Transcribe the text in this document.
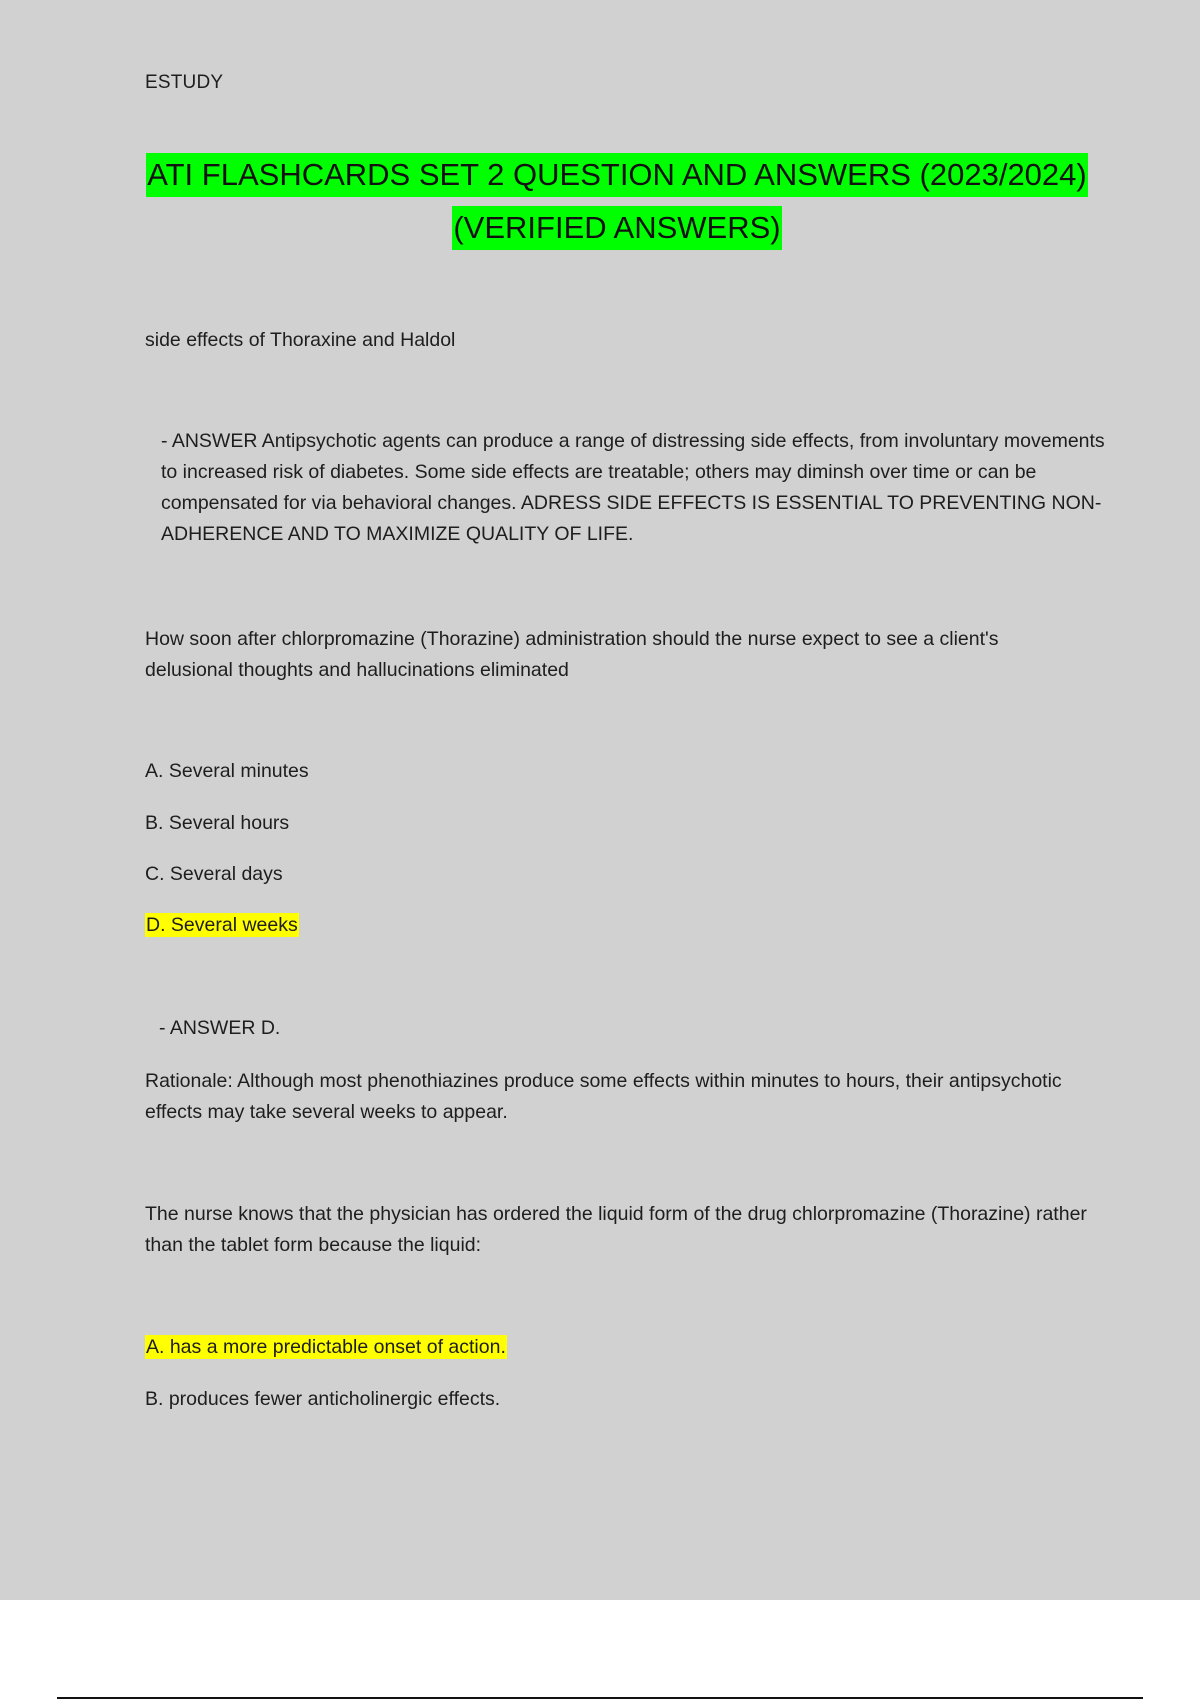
ESTUDY
ATI FLASHCARDS SET 2 QUESTION AND ANSWERS (2023/2024)
(VERIFIED ANSWERS)
side effects of Thoraxine and Haldol
- ANSWER Antipsychotic agents can produce a range of distressing side effects, from involuntary movements to increased risk of diabetes. Some side effects are treatable; others may diminsh over time or can be compensated for via behavioral changes. ADRESS SIDE EFFECTS IS ESSENTIAL TO PREVENTING NON-ADHERENCE AND TO MAXIMIZE QUALITY OF LIFE.
How soon after chlorpromazine (Thorazine) administration should the nurse expect to see a client's delusional thoughts and hallucinations eliminated
A. Several minutes
B. Several hours
C. Several days
D. Several weeks
- ANSWER D.
Rationale: Although most phenothiazines produce some effects within minutes to hours, their antipsychotic effects may take several weeks to appear.
The nurse knows that the physician has ordered the liquid form of the drug chlorpromazine (Thorazine) rather than the tablet form because the liquid:
A. has a more predictable onset of action.
B. produces fewer anticholinergic effects.
